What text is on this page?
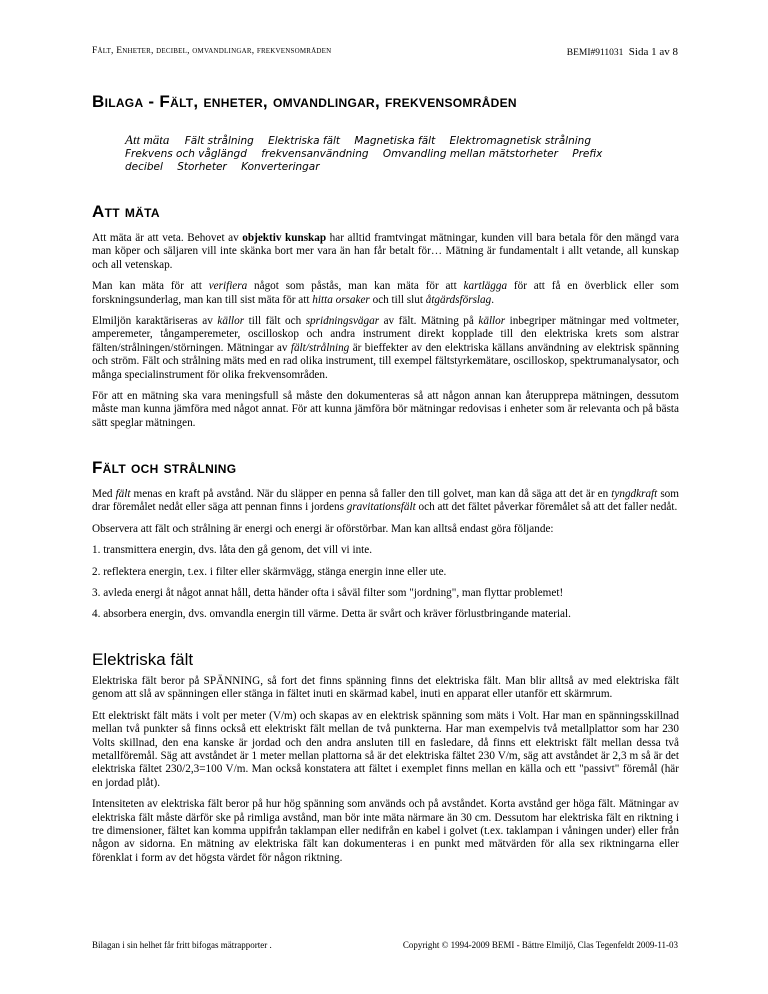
Fält, Enheter, decibel, omvandlingar, frekvensområden	BEMI#911031 Sida 1 av 8
Bilaga - Fält, enheter, omvandlingar, frekvensområden
Att mäta Fält strålning Elektriska fält Magnetiska fält Elektromagnetisk strålning
Frekvens och våglängd frekvensanvändning Omvandling mellan mätstorheter Prefix
decibel Storheter Konverteringar
Att mäta

Att mäta är att veta. Behovet av objektiv kunskap har alltid framtvingat mätningar, kunden vill bara betala för den mängd vara man köper och säljaren vill inte skänka bort mer vara än han får betalt för… Mätning är fundamentalt i allt vetande, all kunskap och all vetenskap.

Man kan mäta för att verifiera något som påstås, man kan mäta för att kartlägga för att få en överblick eller som forskningsunderlag, man kan till sist mäta för att hitta orsaker och till slut åtgärdsförslag.

Elmiljön karaktäriseras av källor till fält och spridningsvägar av fält. Mätning på källor inbegriper mätningar med voltmeter, amperemeter, tångamperemeter, oscilloskop och andra instrument direkt kopplade till den elektriska krets som alstrar fälten/strålningen/störningen. Mätningar av fält/strålning är bieffekter av den elektriska källans användning av elektrisk spänning och ström. Fält och strålning mäts med en rad olika instrument, till exempel fältstyrkemätare, oscilloskop, spektrumanalysator, och många specialinstrument för olika frekvensområden.

För att en mätning ska vara meningsfull så måste den dokumenteras så att någon annan kan återupprepa mätningen, dessutom måste man kunna jämföra med något annat. För att kunna jämföra bör mätningar redovisas i enheter som är relevanta och på bästa sätt speglar mätningen.

Fält och strålning

Med fält menas en kraft på avstånd. När du släpper en penna så faller den till golvet, man kan då säga att det är en tyngdkraft som drar föremålet nedåt eller säga att pennan finns i jordens gravitationsfält och att det fältet påverkar föremålet så att det faller nedåt.

Observera att fält och strålning är energi och energi är oförstörbar. Man kan alltså endast göra följande:

1. transmittera energin, dvs. låta den gå genom, det vill vi inte.

2. reflektera energin, t.ex. i filter eller skärmvägg, stänga energin inne eller ute.

3. avleda energi åt något annat håll, detta händer ofta i såväl filter som "jordning", man flyttar problemet!

4. absorbera energin, dvs. omvandla energin till värme. Detta är svårt och kräver förlustbringande material.

Elektriska fält

Elektriska fält beror på SPÄNNING, så fort det finns spänning finns det elektriska fält. Man blir alltså av med elektriska fält genom att slå av spänningen eller stänga in fältet inuti en skärmad kabel, inuti en apparat eller utanför ett skärmrum.

Ett elektriskt fält mäts i volt per meter (V/m) och skapas av en elektrisk spänning som mäts i Volt. Har man en spänningsskillnad mellan två punkter så finns också ett elektriskt fält mellan de två punkterna. Har man exempelvis två metallplattor som har 230 Volts skillnad, den ena kanske är jordad och den andra ansluten till en fasledare, då finns ett elektriskt fält mellan dessa två metallföremål. Säg att avståndet är 1 meter mellan plattorna så är det elektriska fältet 230 V/m, säg att avståndet är 2,3 m så är det elektriska fältet 230/2,3=100 V/m. Man också konstatera att fältet i exemplet finns mellan en källa och ett "passivt" föremål (här en jordad plåt).

Intensiteten av elektriska fält beror på hur hög spänning som används och på avståndet. Korta avstånd ger höga fält. Mätningar av elektriska fält måste därför ske på rimliga avstånd, man bör inte mäta närmare än 30 cm. Dessutom har elektriska fält en riktning i tre dimensioner, fältet kan komma uppifrån taklampan eller nedifrån en kabel i golvet (t.ex. taklampan i våningen under) eller från någon av sidorna. En mätning av elektriska fält kan dokumenteras i en punkt med mätvärden för alla sex riktningarna eller förenklat i form av det högsta värdet för någon riktning.

Bilagan i sin helhet får fritt bifogas mätrapporter .	Copyright © 1994-2009 BEMI - Bättre Elmiljö, Clas Tegenfeldt 2009-11-03
